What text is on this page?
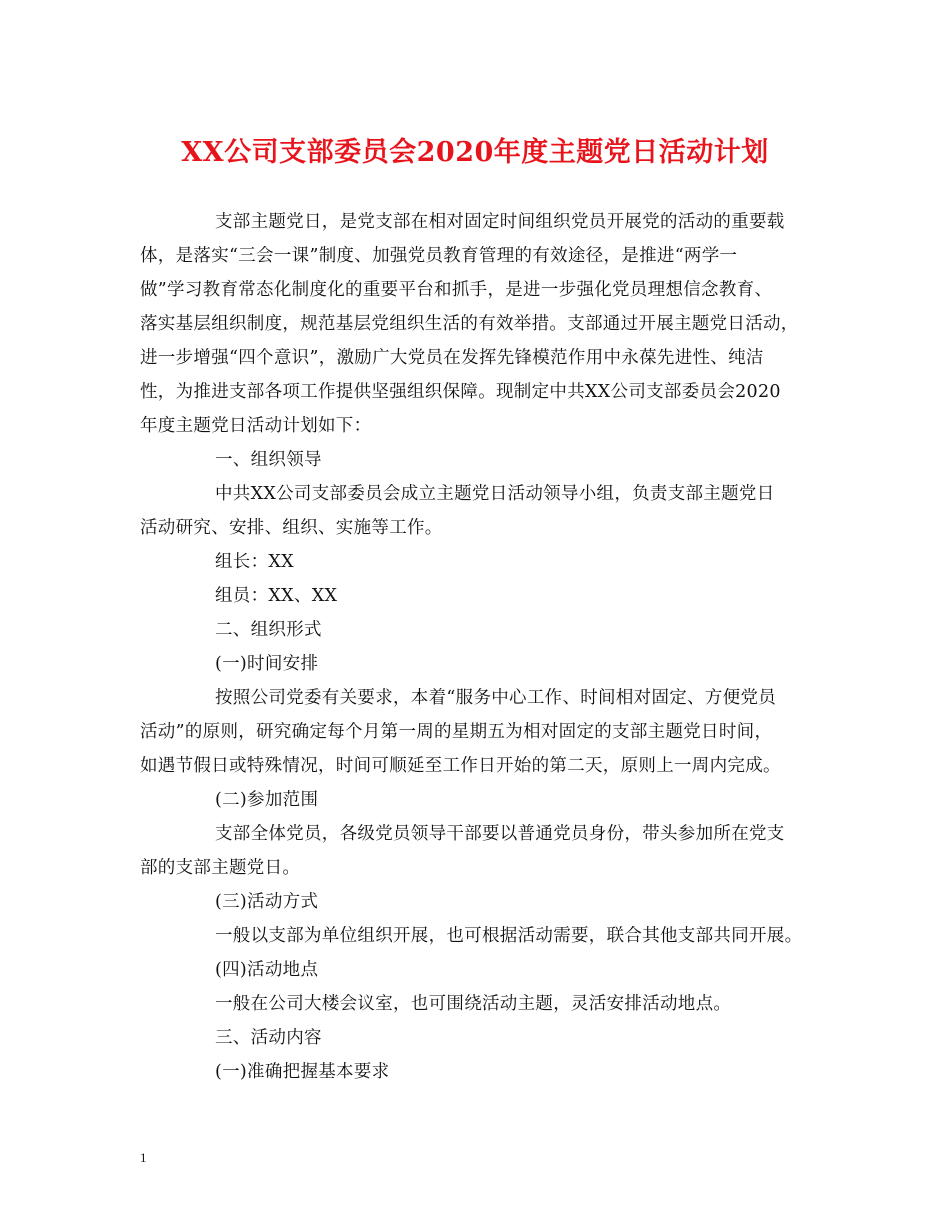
XX公司支部委员会2020年度主题党日活动计划
支部主题党日，是党支部在相对固定时间组织党员开展党的活动的重要载
体，是落实“三会一课”制度、加强党员教育管理的有效途径，是推进“两学一
做”学习教育常态化制度化的重要平台和抓手，是进一步强化党员理想信念教育、
落实基层组织制度，规范基层党组织生活的有效举措。支部通过开展主题党日活动，
进一步增强“四个意识”，激励广大党员在发挥先锋模范作用中永葆先进性、纯洁
性，为推进支部各项工作提供坚强组织保障。现制定中共XX公司支部委员会2020
年度主题党日活动计划如下：
一、组织领导
中共XX公司支部委员会成立主题党日活动领导小组，负责支部主题党日
活动研究、安排、组织、实施等工作。
组长：XX
组员：XX、XX
二、组织形式
(一)时间安排
按照公司党委有关要求，本着“服务中心工作、时间相对固定、方便党员
活动”的原则，研究确定每个月第一周的星期五为相对固定的支部主题党日时间，
如遇节假日或特殊情况，时间可顺延至工作日开始的第二天，原则上一周内完成。
(二)参加范围
支部全体党员，各级党员领导干部要以普通党员身份，带头参加所在党支
部的支部主题党日。
(三)活动方式
一般以支部为单位组织开展，也可根据活动需要，联合其他支部共同开展。
(四)活动地点
一般在公司大楼会议室，也可围绕活动主题，灵活安排活动地点。
三、活动内容
(一)准确把握基本要求
1
